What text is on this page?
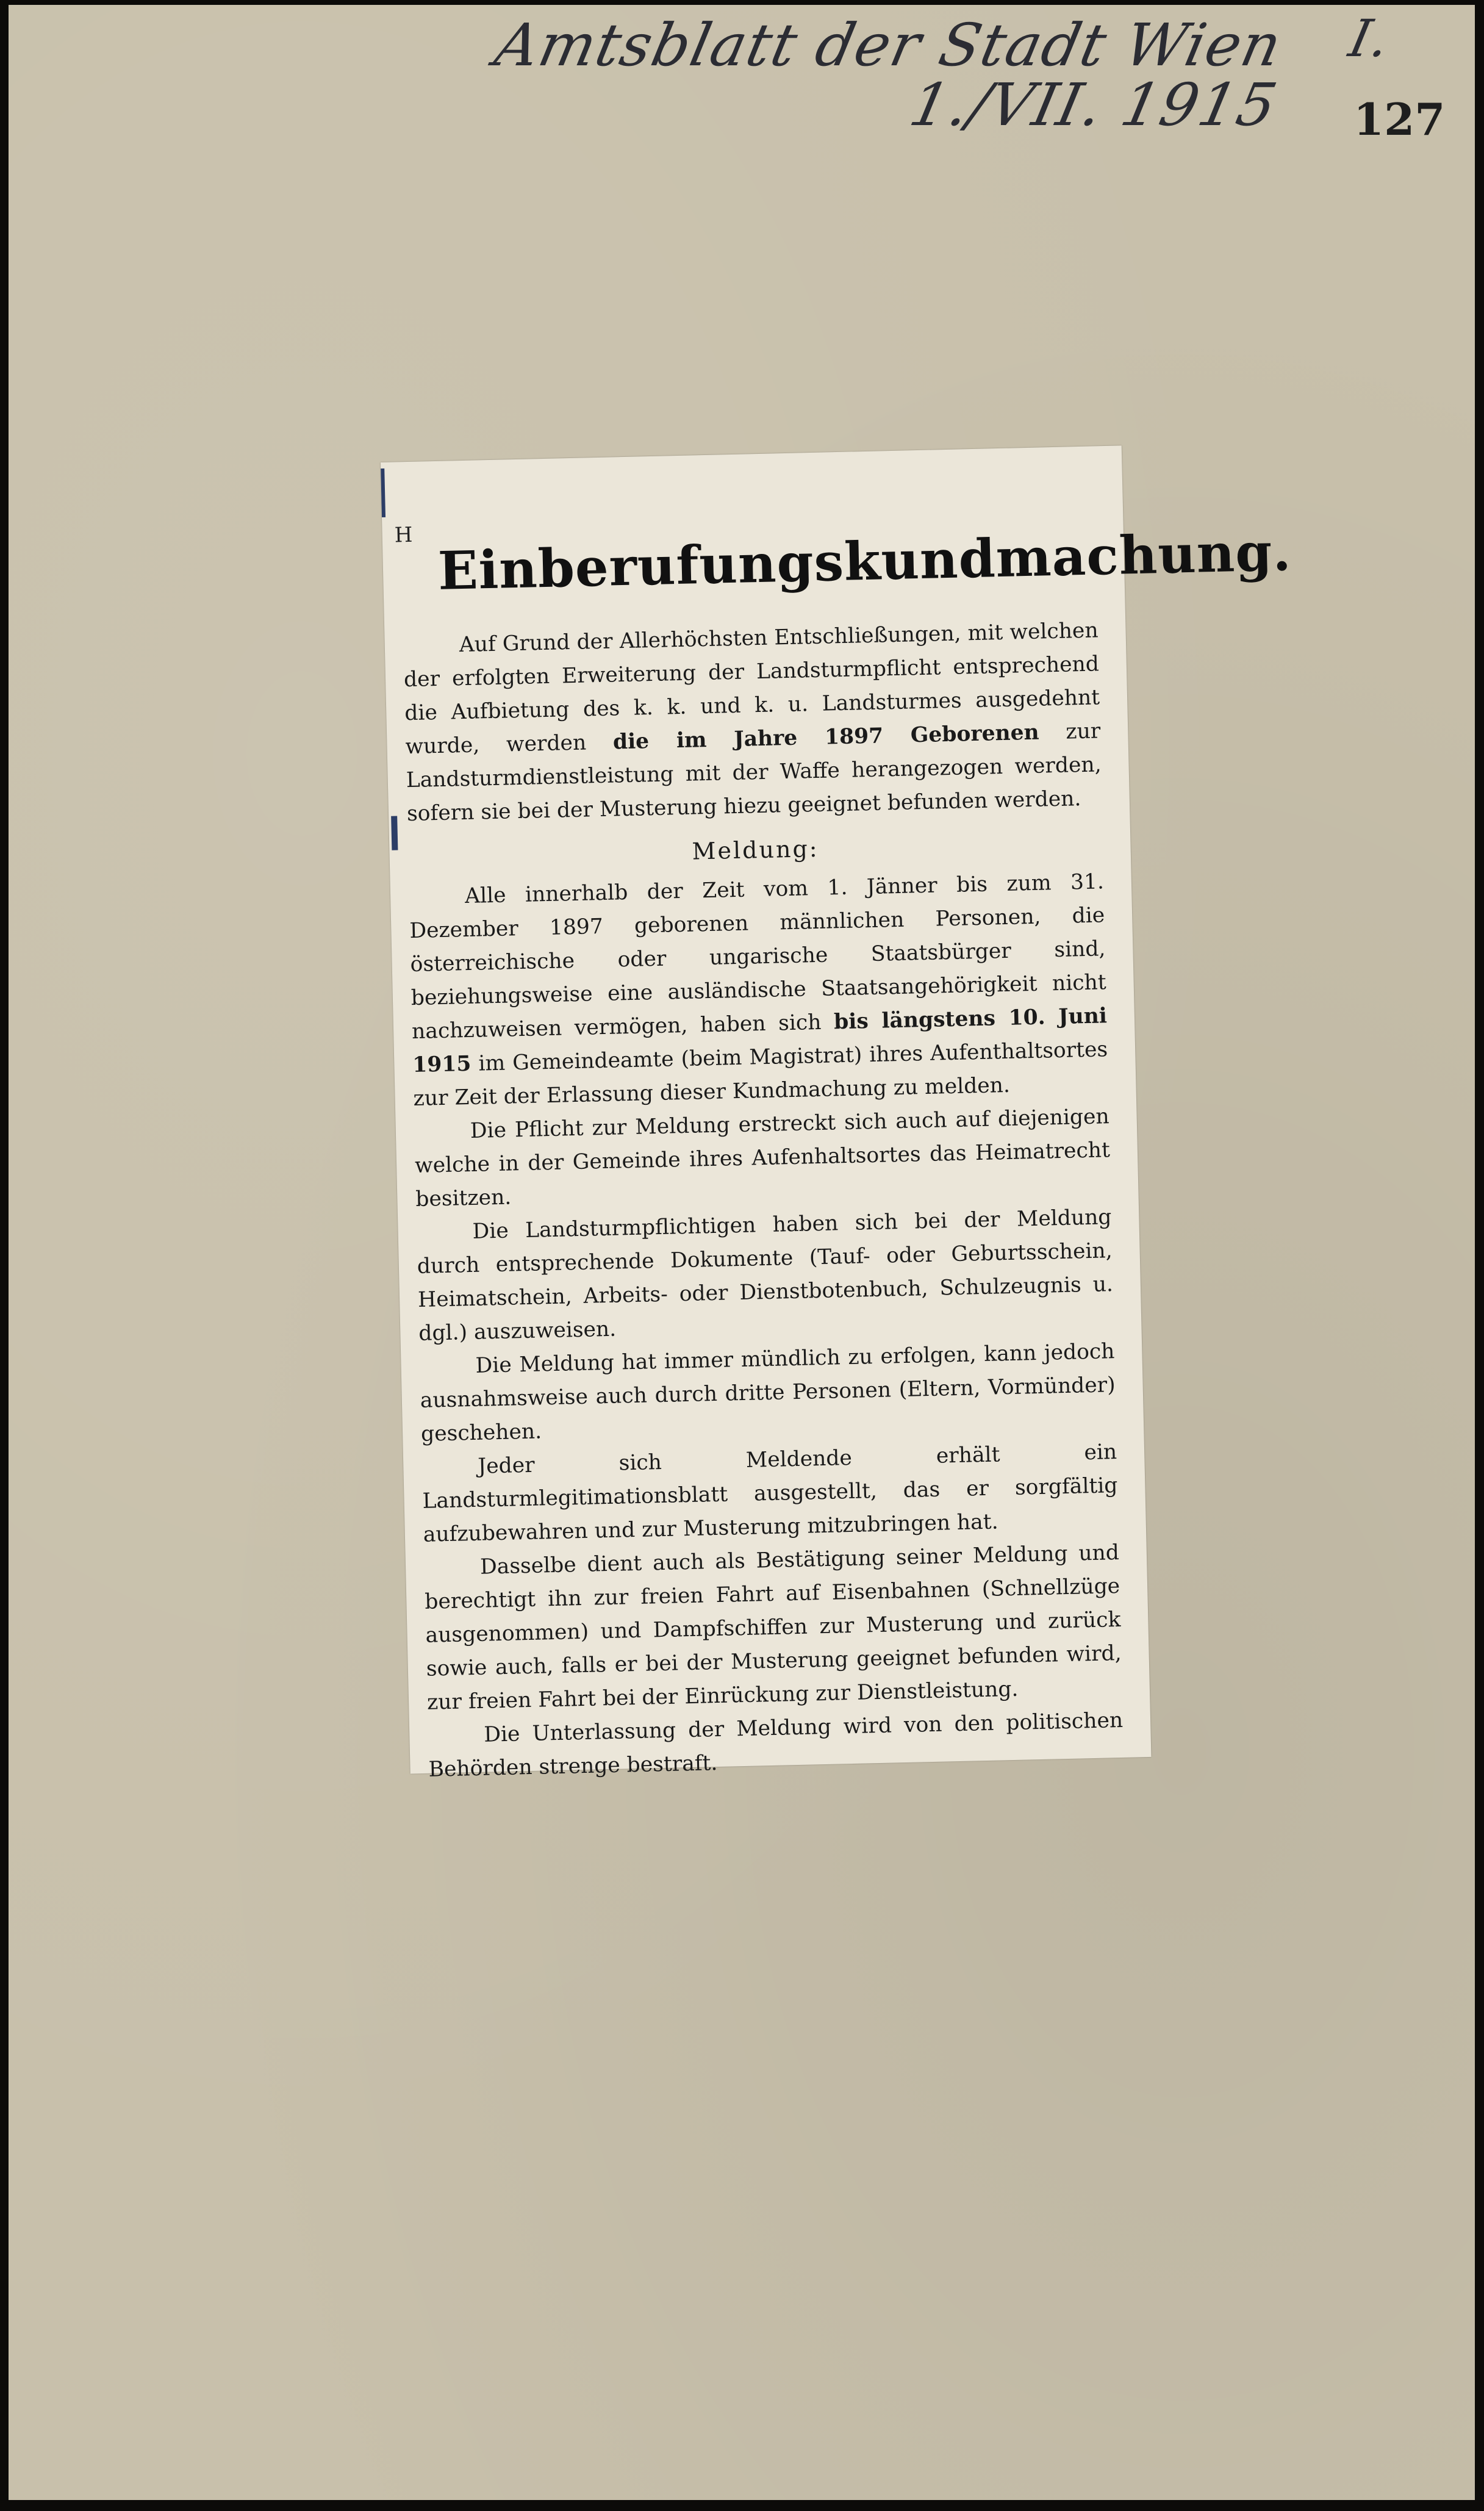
Amtsblatt der Stadt Wien I.
1./VII. 1915 127
H Einberufungskundmachung.

Auf Grund der Allerhöchsten Entschließungen, mit welchen der erfolgten Erweiterung der Landsturmpflicht entsprechend die Aufbietung des k. k. und k. u. Landsturmes ausgedehnt wurde, werden die im Jahre 1897 Geborenen zur Landsturmdienstleistung mit der Waffe herangezogen werden, sofern sie bei der Musterung hiezu geeignet befunden werden.

Meldung:

Alle innerhalb der Zeit vom 1. Jänner bis zum 31. Dezember 1897 geborenen männlichen Personen, die österreichische oder ungarische Staatsbürger sind, beziehungsweise eine ausländische Staatsangehörigkeit nicht nachzuweisen vermögen, haben sich bis längstens 10. Juni 1915 im Gemeindeamte (beim Magistrat) ihres Aufenthaltsortes zur Zeit der Erlassung dieser Kundmachung zu melden.

Die Pflicht zur Meldung erstreckt sich auch auf diejenigen welche in der Gemeinde ihres Aufenhaltsortes das Heimatrecht besitzen.

Die Landsturmpflichtigen haben sich bei der Meldung durch entsprechende Dokumente (Tauf- oder Geburtsschein, Heimatschein, Arbeits- oder Dienstbotenbuch, Schulzeugnis u. dgl.) auszuweisen.

Die Meldung hat immer mündlich zu erfolgen, kann jedoch ausnahmsweise auch durch dritte Personen (Eltern, Vormünder) geschehen.

Jeder sich Meldende erhält ein Landsturmlegitimationsblatt ausgestellt, das er sorgfältig aufzubewahren und zur Musterung mitzubringen hat.

Dasselbe dient auch als Bestätigung seiner Meldung und berechtigt ihn zur freien Fahrt auf Eisenbahnen (Schnellzüge ausgenommen) und Dampfschiffen zur Musterung und zurück sowie auch, falls er bei der Musterung geeignet befunden wird, zur freien Fahrt bei der Einrückung zur Dienstleistung.

Die Unterlassung der Meldung wird von den politischen Behörden strenge bestraft.
